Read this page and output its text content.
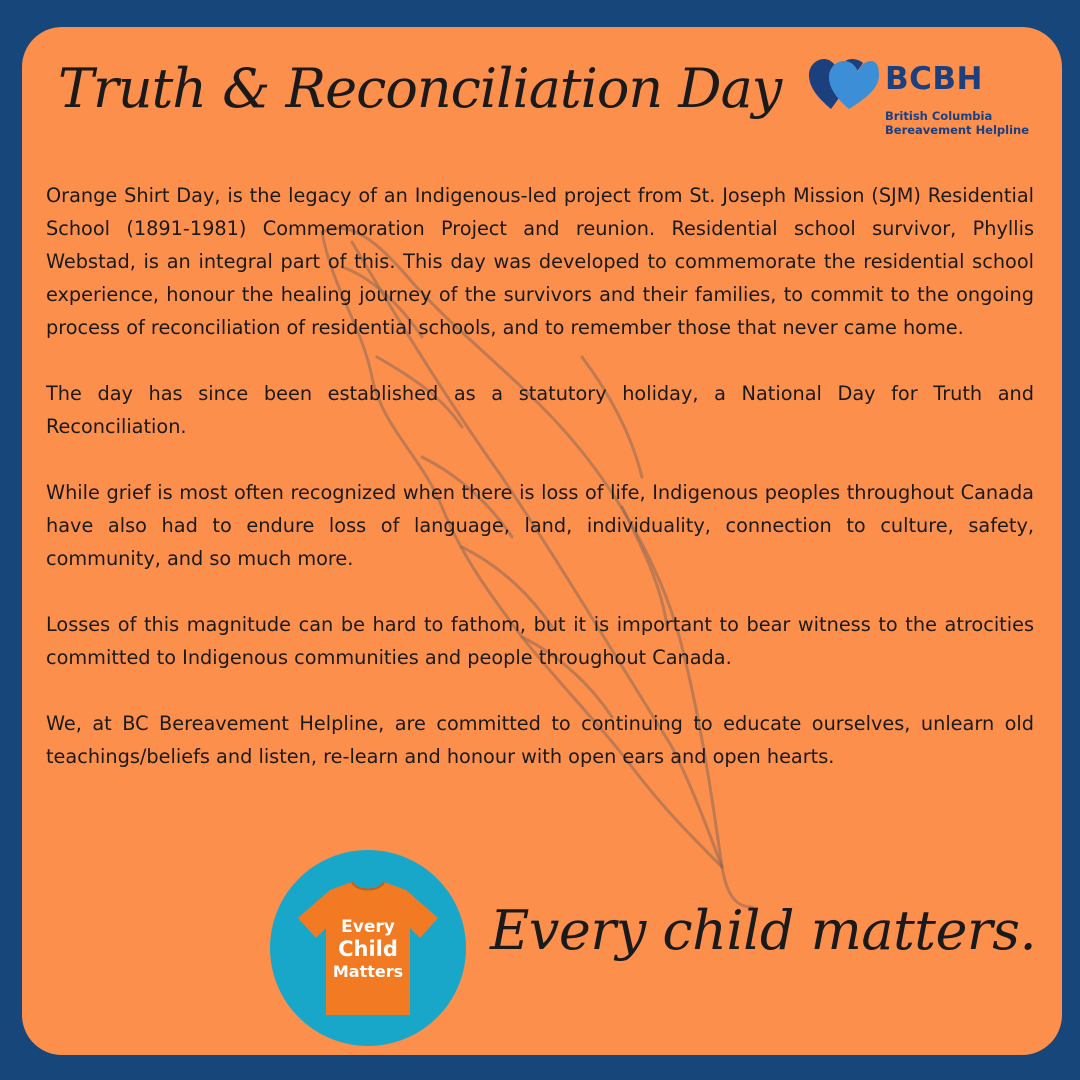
Truth & Reconciliation Day	BCBH
British Columbia
Bereavement Helpline

Orange Shirt Day, is the legacy of an Indigenous-led project from St. Joseph Mission (SJM) Residential School (1891-1981) Commemoration Project and reunion. Residential school survivor, Phyllis Webstad, is an integral part of this. This day was developed to commemorate the residential school experience, honour the healing journey of the survivors and their families, to commit to the ongoing process of reconciliation of residential schools, and to remember those that never came home.

The day has since been established as a statutory holiday, a National Day for Truth and Reconciliation.

While grief is most often recognized when there is loss of life, Indigenous peoples throughout Canada have also had to endure loss of language, land, individuality, connection to culture, safety, community, and so much more.

Losses of this magnitude can be hard to fathom, but it is important to bear witness to the atrocities committed to Indigenous communities and people throughout Canada.

We, at BC Bereavement Helpline, are committed to continuing to educate ourselves, unlearn old teachings/beliefs and listen, re-learn and honour with open ears and open hearts.

Every
Child
Matters
Every child matters.
